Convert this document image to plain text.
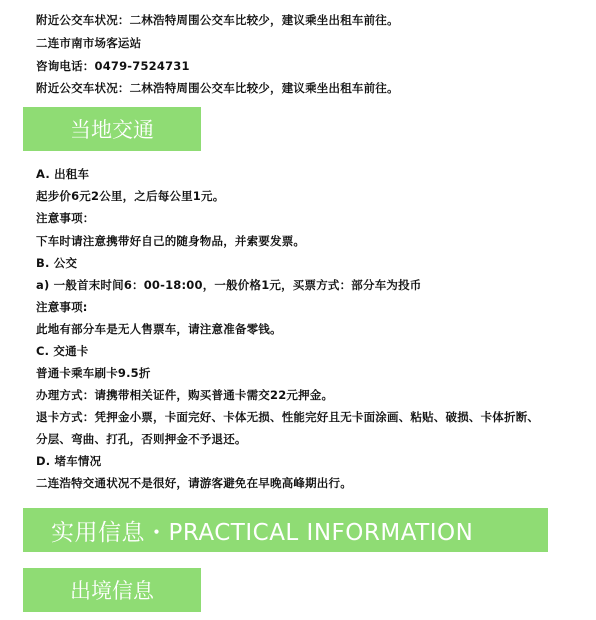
附近公交车状况：二林浩特周围公交车比较少，建议乘坐出租车前往。
二连市南市场客运站
咨询电话：0479-7524731
附近公交车状况：二林浩特周围公交车比较少，建议乘坐出租车前往。
当地交通
A. 出租车
起步价6元2公里，之后每公里1元。
注意事项：
下车时请注意携带好自己的随身物品，并索要发票。
B. 公交
a) 一般首末时间6：00-18:00，一般价格1元，买票方式：部分车为投币
注意事项:
此地有部分车是无人售票车，请注意准备零钱。
C. 交通卡
普通卡乘车刷卡9.5折
办理方式：请携带相关证件，购买普通卡需交22元押金。
退卡方式：凭押金小票，卡面完好、卡体无损、性能完好且无卡面涂画、粘贴、破损、卡体折断、
分层、弯曲、打孔，否则押金不予退还。
D. 堵车情况
二连浩特交通状况不是很好，请游客避免在早晚高峰期出行。
实用信息・PRACTICAL INFORMATION
出境信息
